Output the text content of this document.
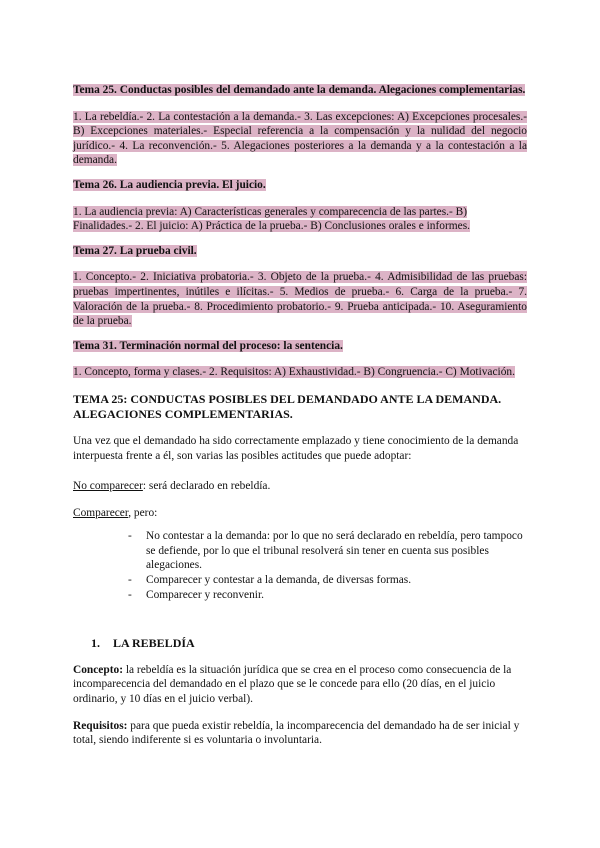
Tema 25. Conductas posibles del demandado ante la demanda. Alegaciones complementarias.

1. La rebeldía.- 2. La contestación a la demanda.- 3. Las excepciones: A) Excepciones procesales.- B) Excepciones materiales.- Especial referencia a la compensación y la nulidad del negocio jurídico.- 4. La reconvención.- 5. Alegaciones posteriores a la demanda y a la contestación a la demanda.

Tema 26. La audiencia previa. El juicio.

1. La audiencia previa: A) Características generales y comparecencia de las partes.- B) Finalidades.- 2. El juicio: A) Práctica de la prueba.- B) Conclusiones orales e informes.

Tema 27. La prueba civil.

1. Concepto.- 2. Iniciativa probatoria.- 3. Objeto de la prueba.- 4. Admisibilidad de las pruebas: pruebas impertinentes, inútiles e ilícitas.- 5. Medios de prueba.- 6. Carga de la prueba.- 7. Valoración de la prueba.- 8. Procedimiento probatorio.- 9. Prueba anticipada.- 10. Aseguramiento de la prueba.

Tema 31. Terminación normal del proceso: la sentencia.

1. Concepto, forma y clases.- 2. Requisitos: A) Exhaustividad.- B) Congruencia.- C) Motivación.

TEMA 25: CONDUCTAS POSIBLES DEL DEMANDADO ANTE LA DEMANDA. ALEGACIONES COMPLEMENTARIAS.

Una vez que el demandado ha sido correctamente emplazado y tiene conocimiento de la demanda interpuesta frente a él, son varias las posibles actitudes que puede adoptar:

No comparecer: será declarado en rebeldía.

Comparecer, pero:

- No contestar a la demanda: por lo que no será declarado en rebeldía, pero tampoco se defiende, por lo que el tribunal resolverá sin tener en cuenta sus posibles alegaciones.
- Comparecer y contestar a la demanda, de diversas formas.
- Comparecer y reconvenir.

1. LA REBELDÍA

Concepto: la rebeldía es la situación jurídica que se crea en el proceso como consecuencia de la incomparecencia del demandado en el plazo que se le concede para ello (20 días, en el juicio ordinario, y 10 días en el juicio verbal).

Requisitos: para que pueda existir rebeldía, la incomparecencia del demandado ha de ser inicial y total, siendo indiferente si es voluntaria o involuntaria.
